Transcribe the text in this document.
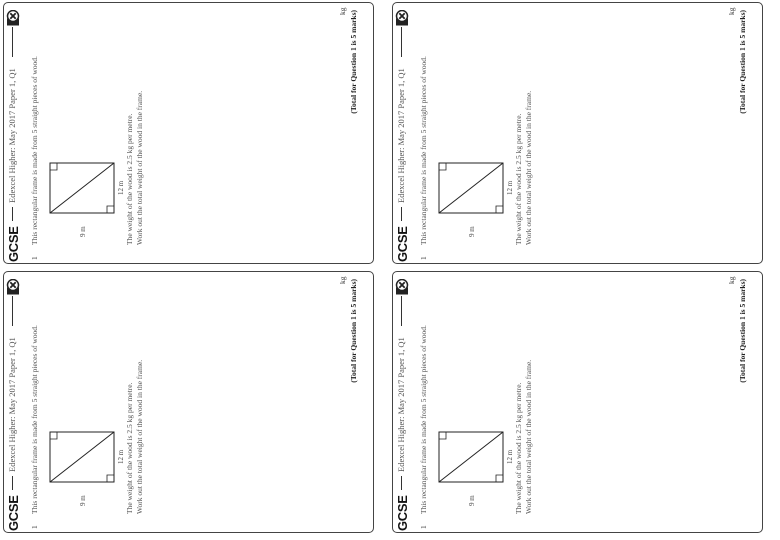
GCSE
Edexcel Higher: May 2017 Paper 1, Q1
1
This rectangular frame is made from 5 straight pieces of wood.	9 m
12 m The weight of the wood is 2.5 kg per metre. Work out the total weight of the wood in the frame.
kg (Total for Question 1 is 5 marks)
GCSE
Edexcel Higher: May 2017 Paper 1, Q1
1
This rectangular frame is made from 5 straight pieces of wood.	9 m
12 m The weight of the wood is 2.5 kg per metre. Work out the total weight of the wood in the frame.
kg (Total for Question 1 is 5 marks)
GCSE
Edexcel Higher: May 2017 Paper 1, Q1
1
This rectangular frame is made from 5 straight pieces of wood.	9 m
12 m The weight of the wood is 2.5 kg per metre. Work out the total weight of the wood in the frame.
kg (Total for Question 1 is 5 marks)
GCSE
Edexcel Higher: May 2017 Paper 1, Q1
1
This rectangular frame is made from 5 straight pieces of wood.	9 m
12 m The weight of the wood is 2.5 kg per metre. Work out the total weight of the wood in the frame.
kg (Total for Question 1 is 5 marks)
